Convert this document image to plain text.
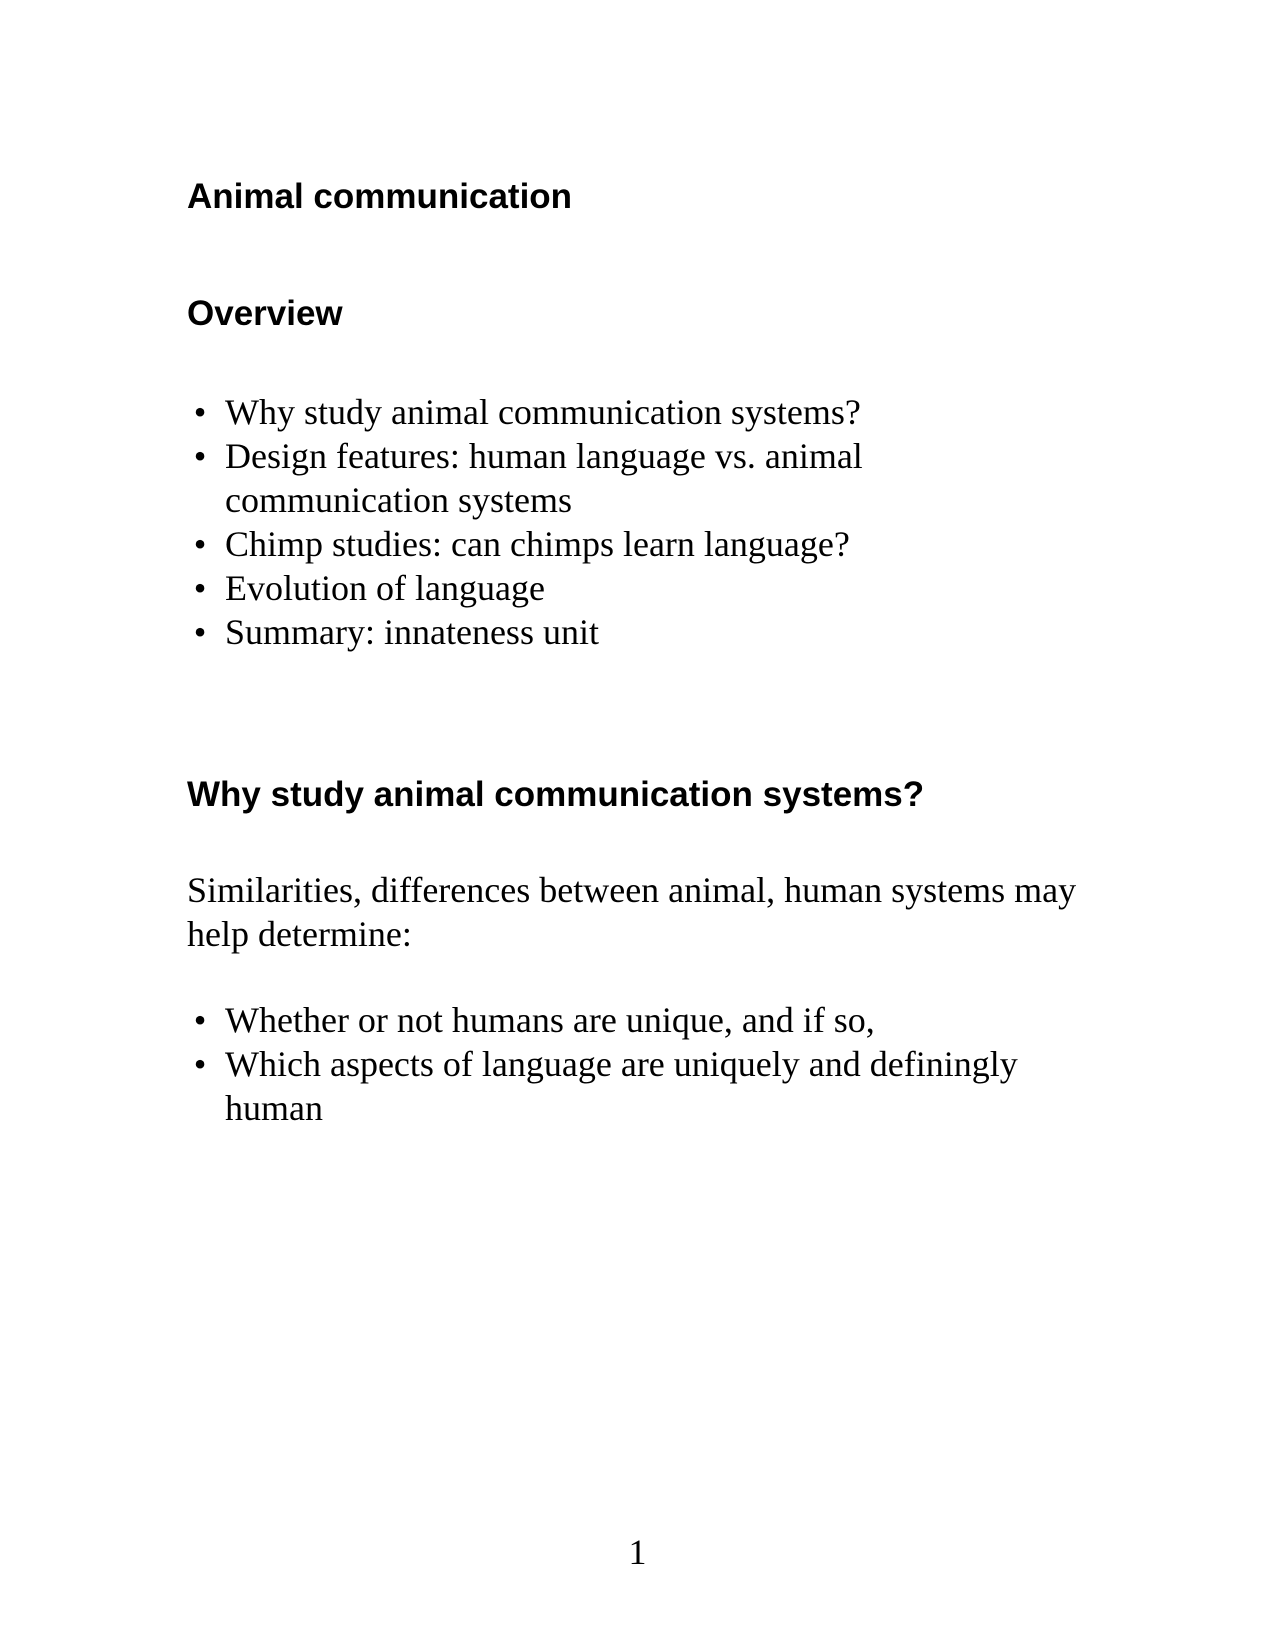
Animal communication
Overview
• Why study animal communication systems?
• Design features: human language vs. animal communication systems
• Chimp studies: can chimps learn language?
• Evolution of language
• Summary: innateness unit
Why study animal communication systems?

Similarities, differences between animal, human systems may help determine:

• Whether or not humans are unique, and if so,
• Which aspects of language are uniquely and definingly human

1
